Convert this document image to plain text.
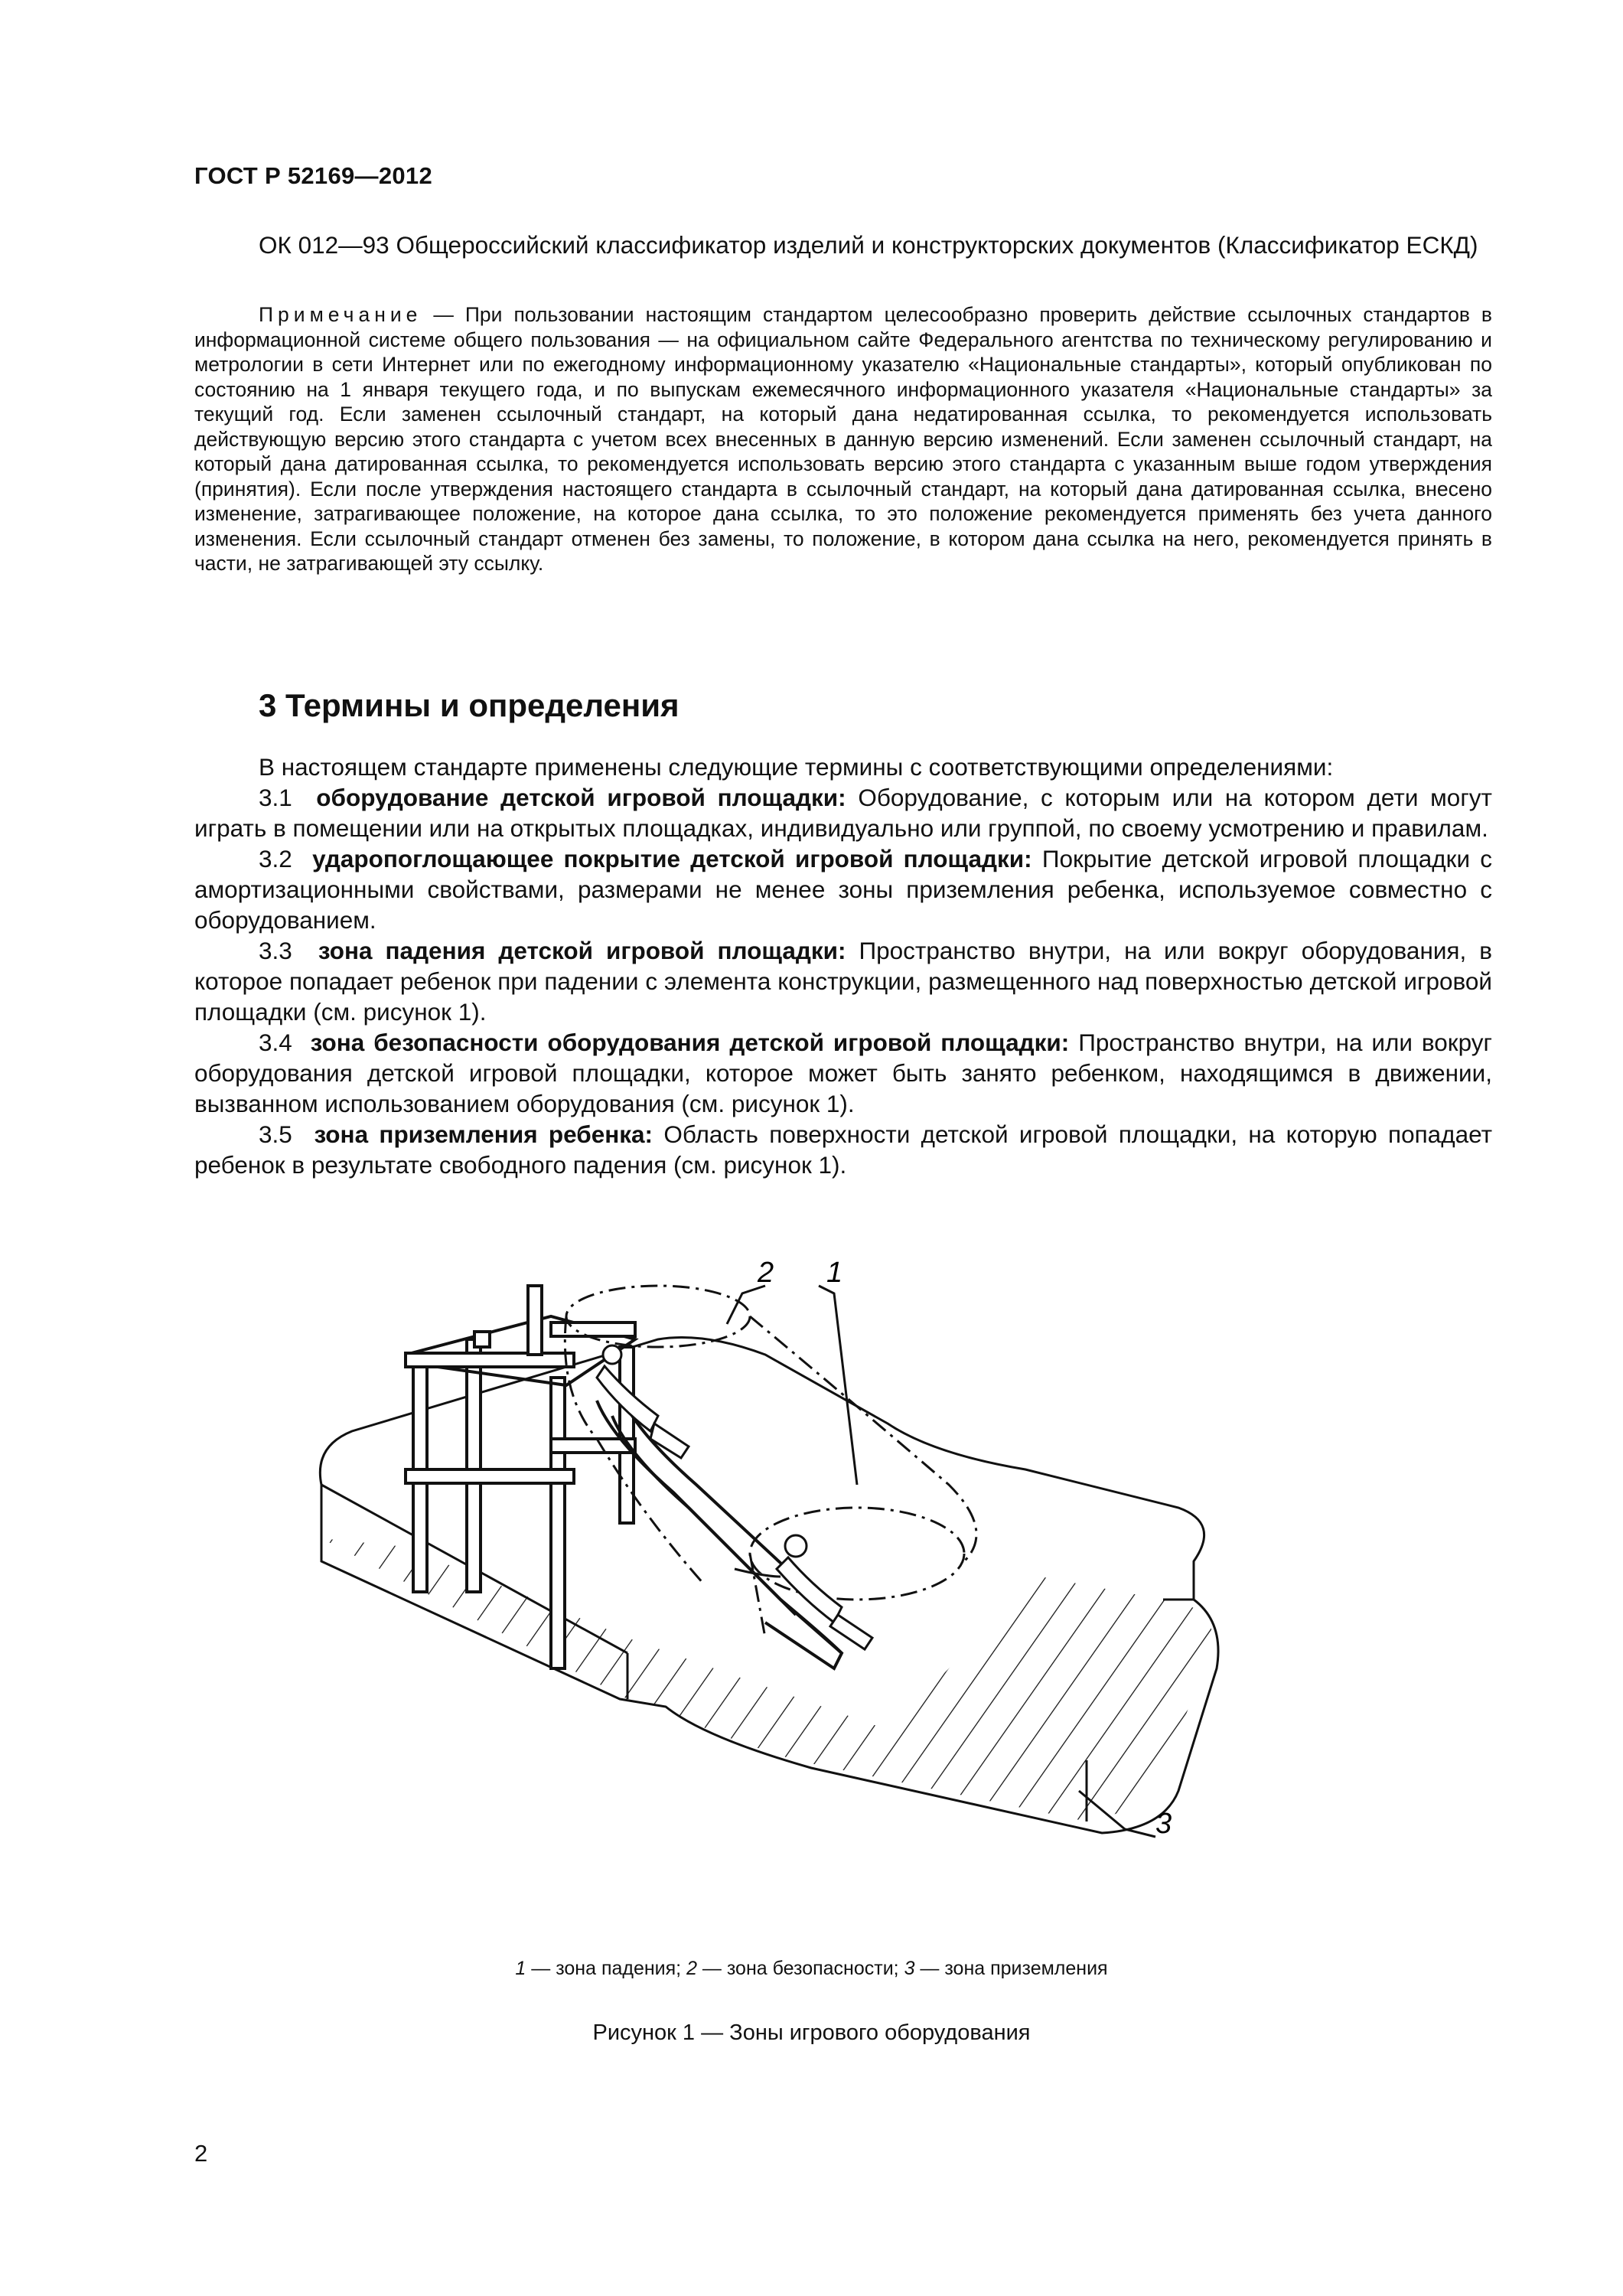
ГОСТ Р 52169—2012

ОК 012—93 Общероссийский классификатор изделий и конструкторских документов (Классификатор ЕСКД)

Примечание — При пользовании настоящим стандартом целесообразно проверить действие ссылочных стандартов в информационной системе общего пользования — на официальном сайте Федерального агентства по техническому регулированию и метрологии в сети Интернет или по ежегодному информационному указателю «Национальные стандарты», который опубликован по состоянию на 1 января текущего года, и по выпускам ежемесячного информационного указателя «Национальные стандарты» за текущий год. Если заменен ссылочный стандарт, на который дана недатированная ссылка, то рекомендуется использовать действующую версию этого стандарта с учетом всех внесенных в данную версию изменений. Если заменен ссылочный стандарт, на который дана датированная ссылка, то рекомендуется использовать версию этого стандарта с указанным выше годом утверждения (принятия). Если после утверждения настоящего стандарта в ссылочный стандарт, на который дана датированная ссылка, внесено изменение, затрагивающее положение, на которое дана ссылка, то это положение рекомендуется применять без учета данного изменения. Если ссылочный стандарт отменен без замены, то положение, в котором дана ссылка на него, рекомендуется принять в части, не затрагивающей эту ссылку.

3 Термины и определения

В настоящем стандарте применены следующие термины с соответствующими определениями:

3.1 оборудование детской игровой площадки: Оборудование, с которым или на котором дети могут играть в помещении или на открытых площадках, индивидуально или группой, по своему усмотрению и правилам.

3.2 ударопоглощающее покрытие детской игровой площадки: Покрытие детской игровой площадки с амортизационными свойствами, размерами не менее зоны приземления ребенка, используемое совместно с оборудованием.

3.3 зона падения детской игровой площадки: Пространство внутри, на или вокруг оборудования, в которое попадает ребенок при падении с элемента конструкции, размещенного над поверхностью детской игровой площадки (см. рисунок 1).

3.4 зона безопасности оборудования детской игровой площадки: Пространство внутри, на или вокруг оборудования детской игровой площадки, которое может быть занято ребенком, находящимся в движении, вызванном использованием оборудования (см. рисунок 1).

3.5 зона приземления ребенка: Область поверхности детской игровой площадки, на которую попадает ребенок в результате свободного падения (см. рисунок 1).

2 1
3
1 — зона падения; 2 — зона безопасности; 3 — зона приземления
Рисунок 1 — Зоны игрового оборудования
2
